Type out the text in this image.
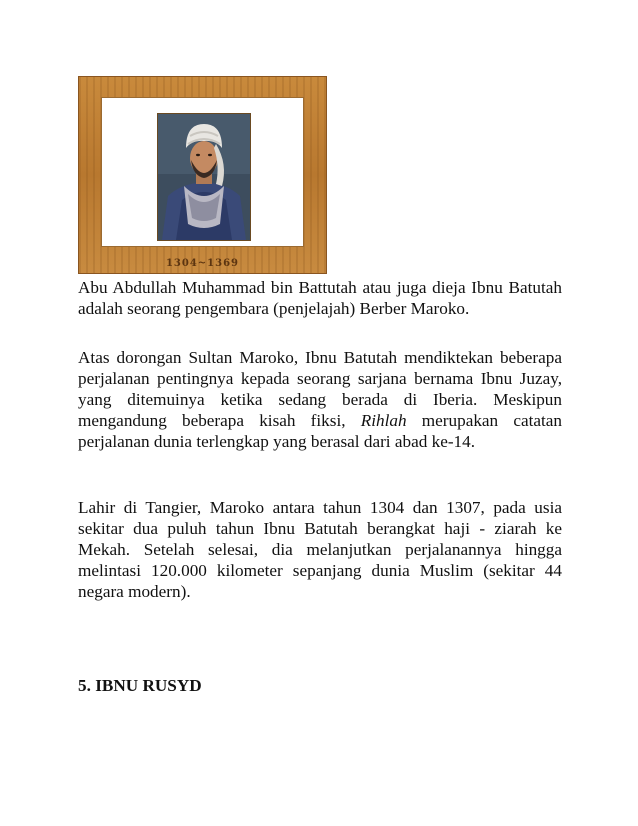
1304~1369

Abu Abdullah Muhammad bin Battutah atau juga dieja Ibnu Batutah adalah seorang pengembara (penjelajah) Berber Maroko.

Atas dorongan Sultan Maroko, Ibnu Batutah mendiktekan beberapa perjalanan pentingnya kepada seorang sarjana bernama Ibnu Juzay, yang ditemuinya ketika sedang berada di Iberia. Meskipun mengandung beberapa kisah fiksi, Rihlah merupakan catatan perjalanan dunia terlengkap yang berasal dari abad ke-14.

Lahir di Tangier, Maroko antara tahun 1304 dan 1307, pada usia sekitar dua puluh tahun Ibnu Batutah berangkat haji - ziarah ke Mekah. Setelah selesai, dia melanjutkan perjalanannya hingga melintasi 120.000 kilometer sepanjang dunia Muslim (sekitar 44 negara modern).

5. IBNU RUSYD
